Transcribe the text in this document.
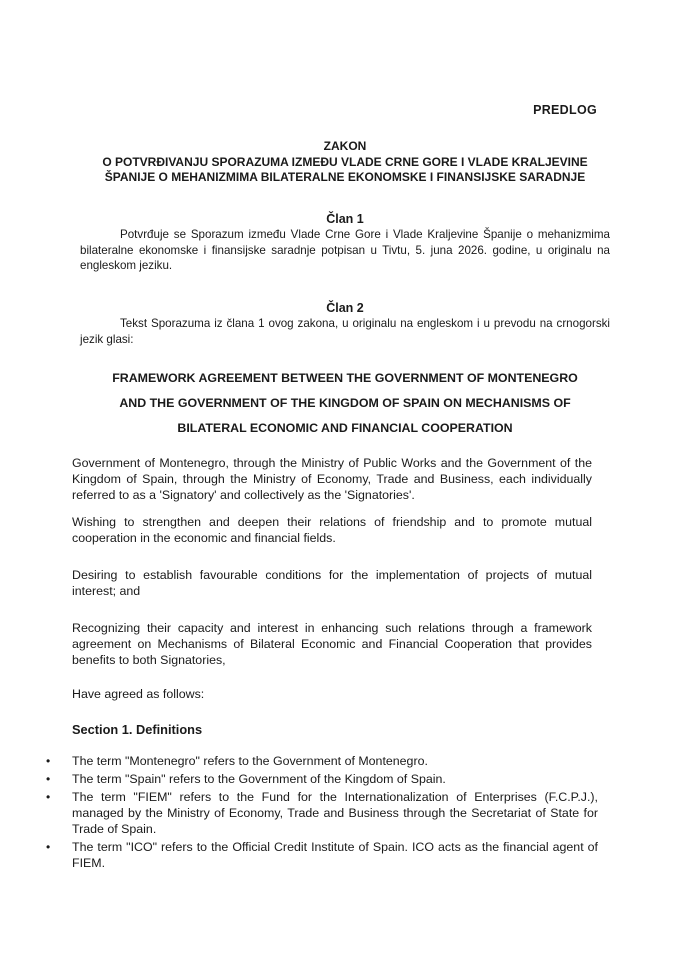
PREDLOG
ZAKON
O POTVRĐIVANJU SPORAZUMA IZMEĐU VLADE CRNE GORE I VLADE KRALJEVINE
ŠPANIJE O MEHANIZMIMA BILATERALNE EKONOMSKE I FINANSIJSKE SARADNJE
Član 1
Potvrđuje se Sporazum između Vlade Crne Gore i Vlade Kraljevine Španije o mehanizmima bilateralne ekonomske i finansijske saradnje potpisan u Tivtu, 5. juna 2026. godine, u originalu na engleskom jeziku.
Član 2
Tekst Sporazuma iz člana 1 ovog zakona, u originalu na engleskom i u prevodu na crnogorski jezik glasi:
FRAMEWORK AGREEMENT BETWEEN THE GOVERNMENT OF MONTENEGRO
AND THE GOVERNMENT OF THE KINGDOM OF SPAIN ON MECHANISMS OF
BILATERAL ECONOMIC AND FINANCIAL COOPERATION
Government of Montenegro, through the Ministry of Public Works and the Government of the Kingdom of Spain, through the Ministry of Economy, Trade and Business, each individually referred to as a 'Signatory' and collectively as the 'Signatories'.
Wishing to strengthen and deepen their relations of friendship and to promote mutual cooperation in the economic and financial fields.
Desiring to establish favourable conditions for the implementation of projects of mutual interest; and
Recognizing their capacity and interest in enhancing such relations through a framework agreement on Mechanisms of Bilateral Economic and Financial Cooperation that provides benefits to both Signatories,
Have agreed as follows:
Section 1. Definitions
• The term "Montenegro" refers to the Government of Montenegro.
• The term "Spain" refers to the Government of the Kingdom of Spain.
• The term "FIEM" refers to the Fund for the Internationalization of Enterprises (F.C.P.J.), managed by the Ministry of Economy, Trade and Business through the Secretariat of State for Trade of Spain.
• The term "ICO" refers to the Official Credit Institute of Spain. ICO acts as the financial agent of FIEM.
